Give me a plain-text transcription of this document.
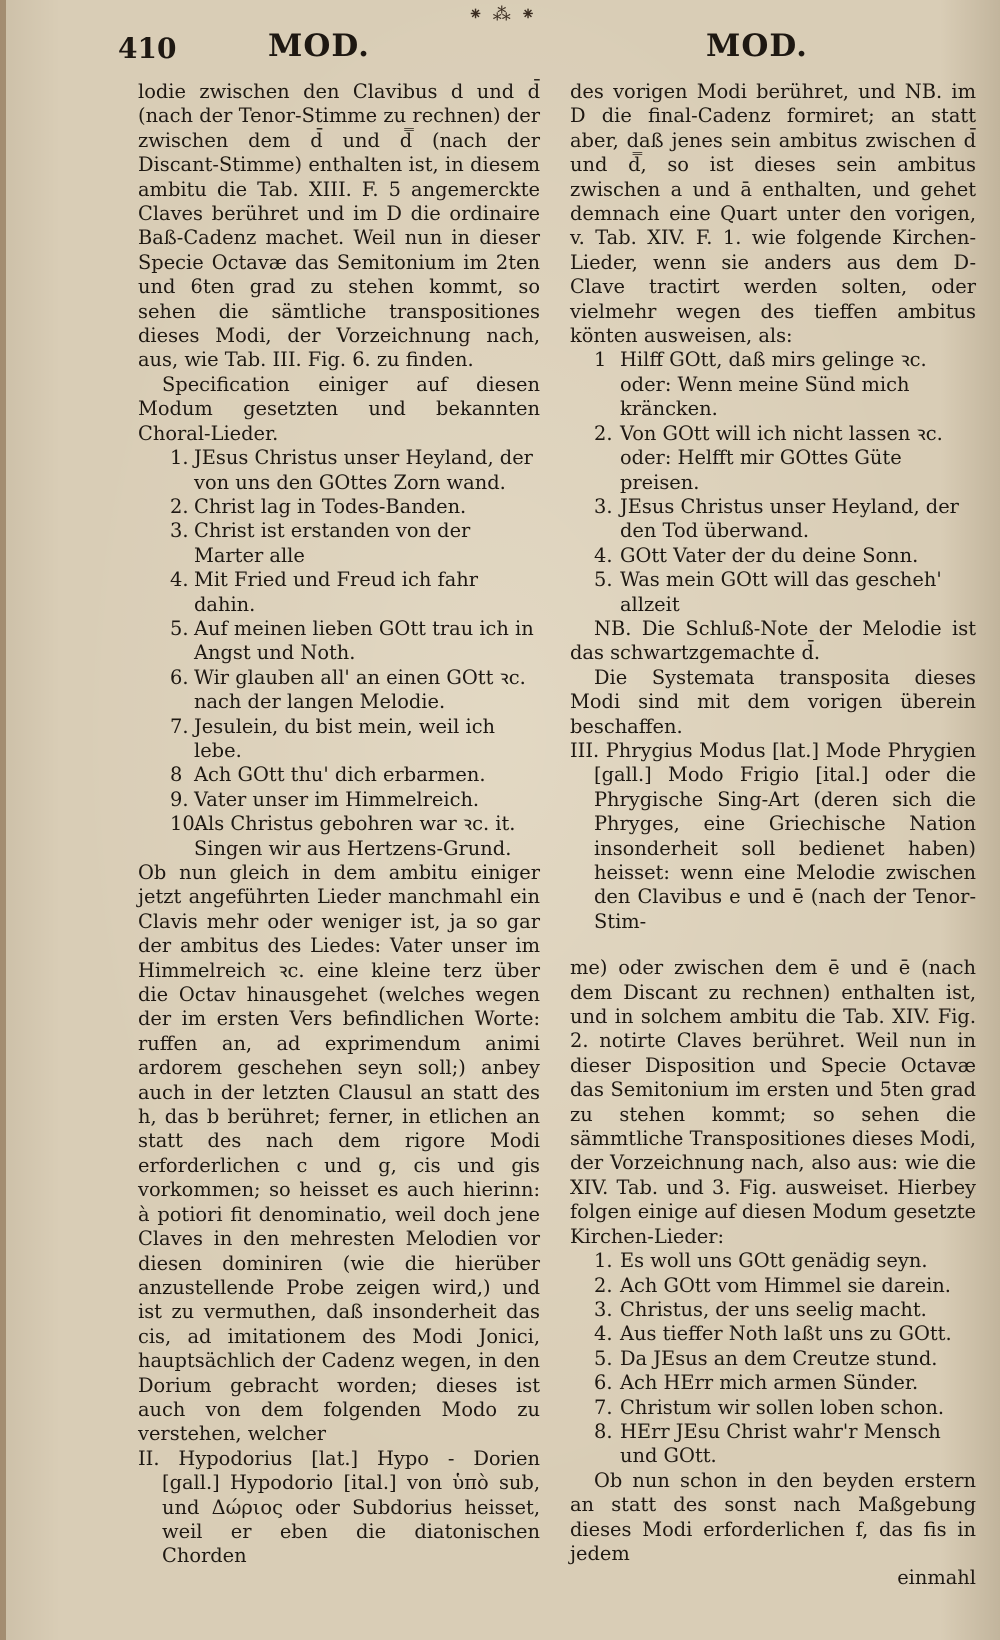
⁕ ⁂ ⁕
410	MOD.	MOD.

lodie zwischen den Clavibus d und d̄ (nach der Tenor-Stimme zu rechnen) der zwischen dem d̄ und d̿ (nach der Discant-Stimme) enthalten ist, in diesem ambitu die Tab. XIII. F. 5 angemerckte Claves berühret und im D die ordinaire Baß-Cadenz machet. Weil nun in dieser Specie Octavæ das Semitonium im 2ten und 6ten grad zu stehen kommt, so sehen die sämtliche transpositiones dieses Modi, der Vorzeichnung nach, aus, wie Tab. III. Fig. 6. zu finden.

Specification einiger auf diesen Modum gesetzten und bekannten Choral-Lieder.

1. JEsus Christus unser Heyland, der von uns den GOttes Zorn wand.
2. Christ lag in Todes-Banden.
3. Christ ist erstanden von der Marter alle
4. Mit Fried und Freud ich fahr dahin.
5. Auf meinen lieben GOtt trau ich in Angst und Noth.
6. Wir glauben all' an einen GOtt ꝛc. nach der langen Melodie.
7. Jesulein, du bist mein, weil ich lebe.
8 Ach GOtt thu' dich erbarmen.
9. Vater unser im Himmelreich.
10.
Als Christus gebohren war ꝛc. it. Singen wir aus Hertzens-Grund.

Ob nun gleich in dem ambitu einiger jetzt angeführten Lieder manchmahl ein Clavis mehr oder weniger ist, ja so gar der ambitus des Liedes: Vater unser im Himmelreich ꝛc. eine kleine terz über die Octav hinausgehet (welches wegen der im ersten Vers befindlichen Worte: ruffen an, ad exprimendum animi ardorem geschehen seyn soll;) anbey auch in der letzten Clausul an statt des h, das b berühret; ferner, in etlichen an statt des nach dem rigore Modi erforderlichen c und g, cis und gis vorkommen; so heisset es auch hierinn: à potiori fit denominatio, weil doch jene Claves in den mehresten Melodien vor diesen dominiren (wie die hierüber anzustellende Probe zeigen wird,) und ist zu vermuthen, daß insonderheit das cis, ad imitationem des Modi Jonici, hauptsächlich der Cadenz wegen, in den Dorium gebracht worden; dieses ist auch von dem folgenden Modo zu verstehen, welcher

II. Hypodorius [lat.] Hypo - Dorien [gall.] Hypodorio [ital.] von ὑπὸ sub, und Δώριος oder Subdorius heisset, weil er eben die diatonischen Chorden

des vorigen Modi berühret, und NB. im D die final-Cadenz formiret; an statt aber, daß jenes sein ambitus zwischen d̄ und d̿, so ist dieses sein ambitus zwischen a und ā enthalten, und gehet demnach eine Quart unter den vorigen, v. Tab. XIV. F. 1. wie folgende Kirchen-Lieder, wenn sie anders aus dem D-Clave tractirt werden solten, oder vielmehr wegen des tieffen ambitus könten ausweisen, als:

1 Hilff GOtt, daß mirs gelinge ꝛc. oder: Wenn meine Sünd mich kräncken.
2. Von GOtt will ich nicht lassen ꝛc. oder: Helfft mir GOttes Güte preisen.
3. JEsus Christus unser Heyland, der den Tod überwand.
4. GOtt Vater der du deine Sonn.
5. Was mein GOtt will das gescheh' allzeit

NB. Die Schluß-Note der Melodie ist das schwartzgemachte d̄.

Die Systemata transposita dieses Modi sind mit dem vorigen überein beschaffen.

III. Phrygius Modus [lat.] Mode Phrygien [gall.] Modo Frigio [ital.] oder die Phrygische Sing-Art (deren sich die Phryges, eine Griechische Nation insonderheit soll bedienet haben) heisset: wenn eine Melodie zwischen den Clavibus e und ē (nach der Tenor-Stim-

me) oder zwischen dem ē und ē (nach dem Discant zu rechnen) enthalten ist, und in solchem ambitu die Tab. XIV. Fig. 2. notirte Claves berühret. Weil nun in dieser Disposition und Specie Octavæ das Semitonium im ersten und 5ten grad zu stehen kommt; so sehen die sämmtliche Transpositiones dieses Modi, der Vorzeichnung nach, also aus: wie die XIV. Tab. und 3. Fig. ausweiset. Hierbey folgen einige auf diesen Modum gesetzte Kirchen-Lieder:

1. Es woll uns GOtt genädig seyn.
2. Ach GOtt vom Himmel sie darein.
3. Christus, der uns seelig macht.
4. Aus tieffer Noth laßt uns zu GOtt.
5. Da JEsus an dem Creutze stund.
6. Ach HErr mich armen Sünder.
7. Christum wir sollen loben schon.
8. HErr JEsu Christ wahr'r Mensch und GOtt.

Ob nun schon in den beyden erstern an statt des sonst nach Maßgebung dieses Modi erforderlichen f, das fis in jedem

einmahl
